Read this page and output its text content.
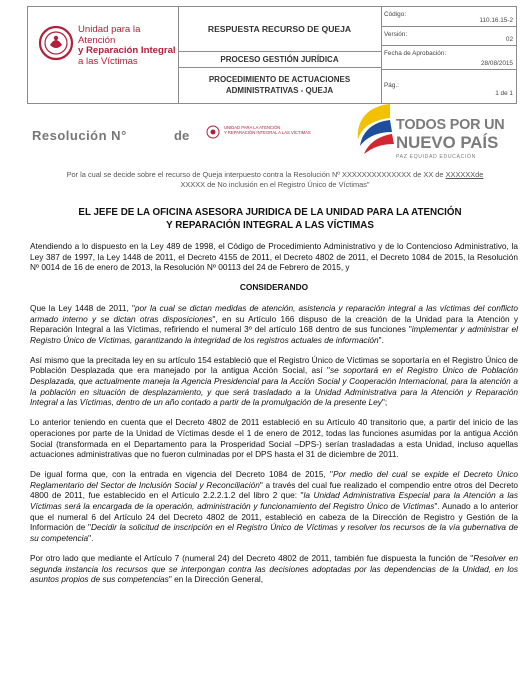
Unidad para la Atención
y Reparación Integral
a las Víctimas
RESPUESTA RECURSO DE QUEJA
PROCESO GESTIÓN JURÍDICA
PROCEDIMIENTO DE ACTUACIONES ADMINISTRATIVAS - QUEJA
Código:
110.16.15-2
Versión:
02
Fecha de Aprobación:
28/08/2015
Pág.:
1 de 1
Resolución N°	de
UNIDAD PARA LA ATENCIÓN
Y REPARACIÓN INTEGRAL A LAS VÍCTIMAS	TODOS POR UN
NUEVO PAÍS
PAZ EQUIDAD EDUCACIÓN
Por la cual se decide sobre el recurso de Queja interpuesto contra la Resolución Nº XXXXXXXXXXXXXX de XX de XXXXXXde
XXXXX de No inclusión en el Registro Único de Víctimas"
EL JEFE DE LA OFICINA ASESORA JURIDICA DE LA UNIDAD PARA LA ATENCIÓN
Y REPARACIÓN INTEGRAL A LAS VÍCTIMAS

Atendiendo a lo dispuesto en la Ley 489 de 1998, el Código de Procedimiento Administrativo y de lo Contencioso Administrativo, la Ley 387 de 1997, la Ley 1448 de 2011, el Decreto 4155 de 2011, el Decreto 4802 de 2011, el Decreto 1084 de 2015, la Resolución Nº 0014 de 16 de enero de 2013, la Resolución Nº 00113 del 24 de Febrero de 2015, y

CONSIDERANDO

Que la Ley 1448 de 2011, "por la cual se dictan medidas de atención, asistencia y reparación integral a las víctimas del conflicto armado interno y se dictan otras disposiciones", en su Artículo 166 dispuso de la creación de la Unidad para la Atención y Reparación Integral a las Víctimas, refiriendo el numeral 3º del artículo 168 dentro de sus funciones "implementar y administrar el Registro Único de Víctimas, garantizando la integridad de los registros actuales de información".

Así mismo que la precitada ley en su artículo 154 estableció que el Registro Único de Víctimas se soportaría en el Registro Único de Población Desplazada que era manejado por la antigua Acción Social, así "se soportará en el Registro Único de Población Desplazada, que actualmente maneja la Agencia Presidencial para la Acción Social y Cooperación Internacional, para la atención a la población en situación de desplazamiento, y que será trasladado a la Unidad Administrativa para la Atención y Reparación Integral a las Víctimas, dentro de un año contado a partir de la promulgación de la presente Ley";

Lo anterior teniendo en cuenta que el Decreto 4802 de 2011 estableció en su Artículo 40 transitorio que, a partir del inicio de las operaciones por parte de la Unidad de Víctimas desde el 1 de enero de 2012, todas las funciones asumidas por la antigua Acción Social (transformada en el Departamento para la Prosperidad Social –DPS-) serían trasladadas a esta Unidad, incluso aquellas actuaciones administrativas que no fueron culminadas por el DPS hasta el 31 de diciembre de 2011.

De igual forma que, con la entrada en vigencia del Decreto 1084 de 2015, "Por medio del cual se expide el Decreto Único Reglamentario del Sector de Inclusión Social y Reconciliación" a través del cual fue realizado el compendio entre otros del Decreto 4800 de 2011, fue establecido en el Artículo 2.2.2.1.2 del libro 2 que: "la Unidad Administrativa Especial para la Atención a las Víctimas será la encargada de la operación, administración y funcionamiento del Registro Único de Víctimas". Aunado a lo anterior que el numeral 6 del Artículo 24 del Decreto 4802 de 2011, estableció en cabeza de la Dirección de Registro y Gestión de la Información de "Decidir la solicitud de inscripción en el Registro Único de Víctimas y resolver los recursos de la vía gubernativa de su competencia".

Por otro lado que mediante el Artículo 7 (numeral 24) del Decreto 4802 de 2011, también fue dispuesta la función de "Resolver en segunda instancia los recursos que se interpongan contra las decisiones adoptadas por las dependencias de la Unidad, en los asuntos propios de sus competencias" en la Dirección General,
